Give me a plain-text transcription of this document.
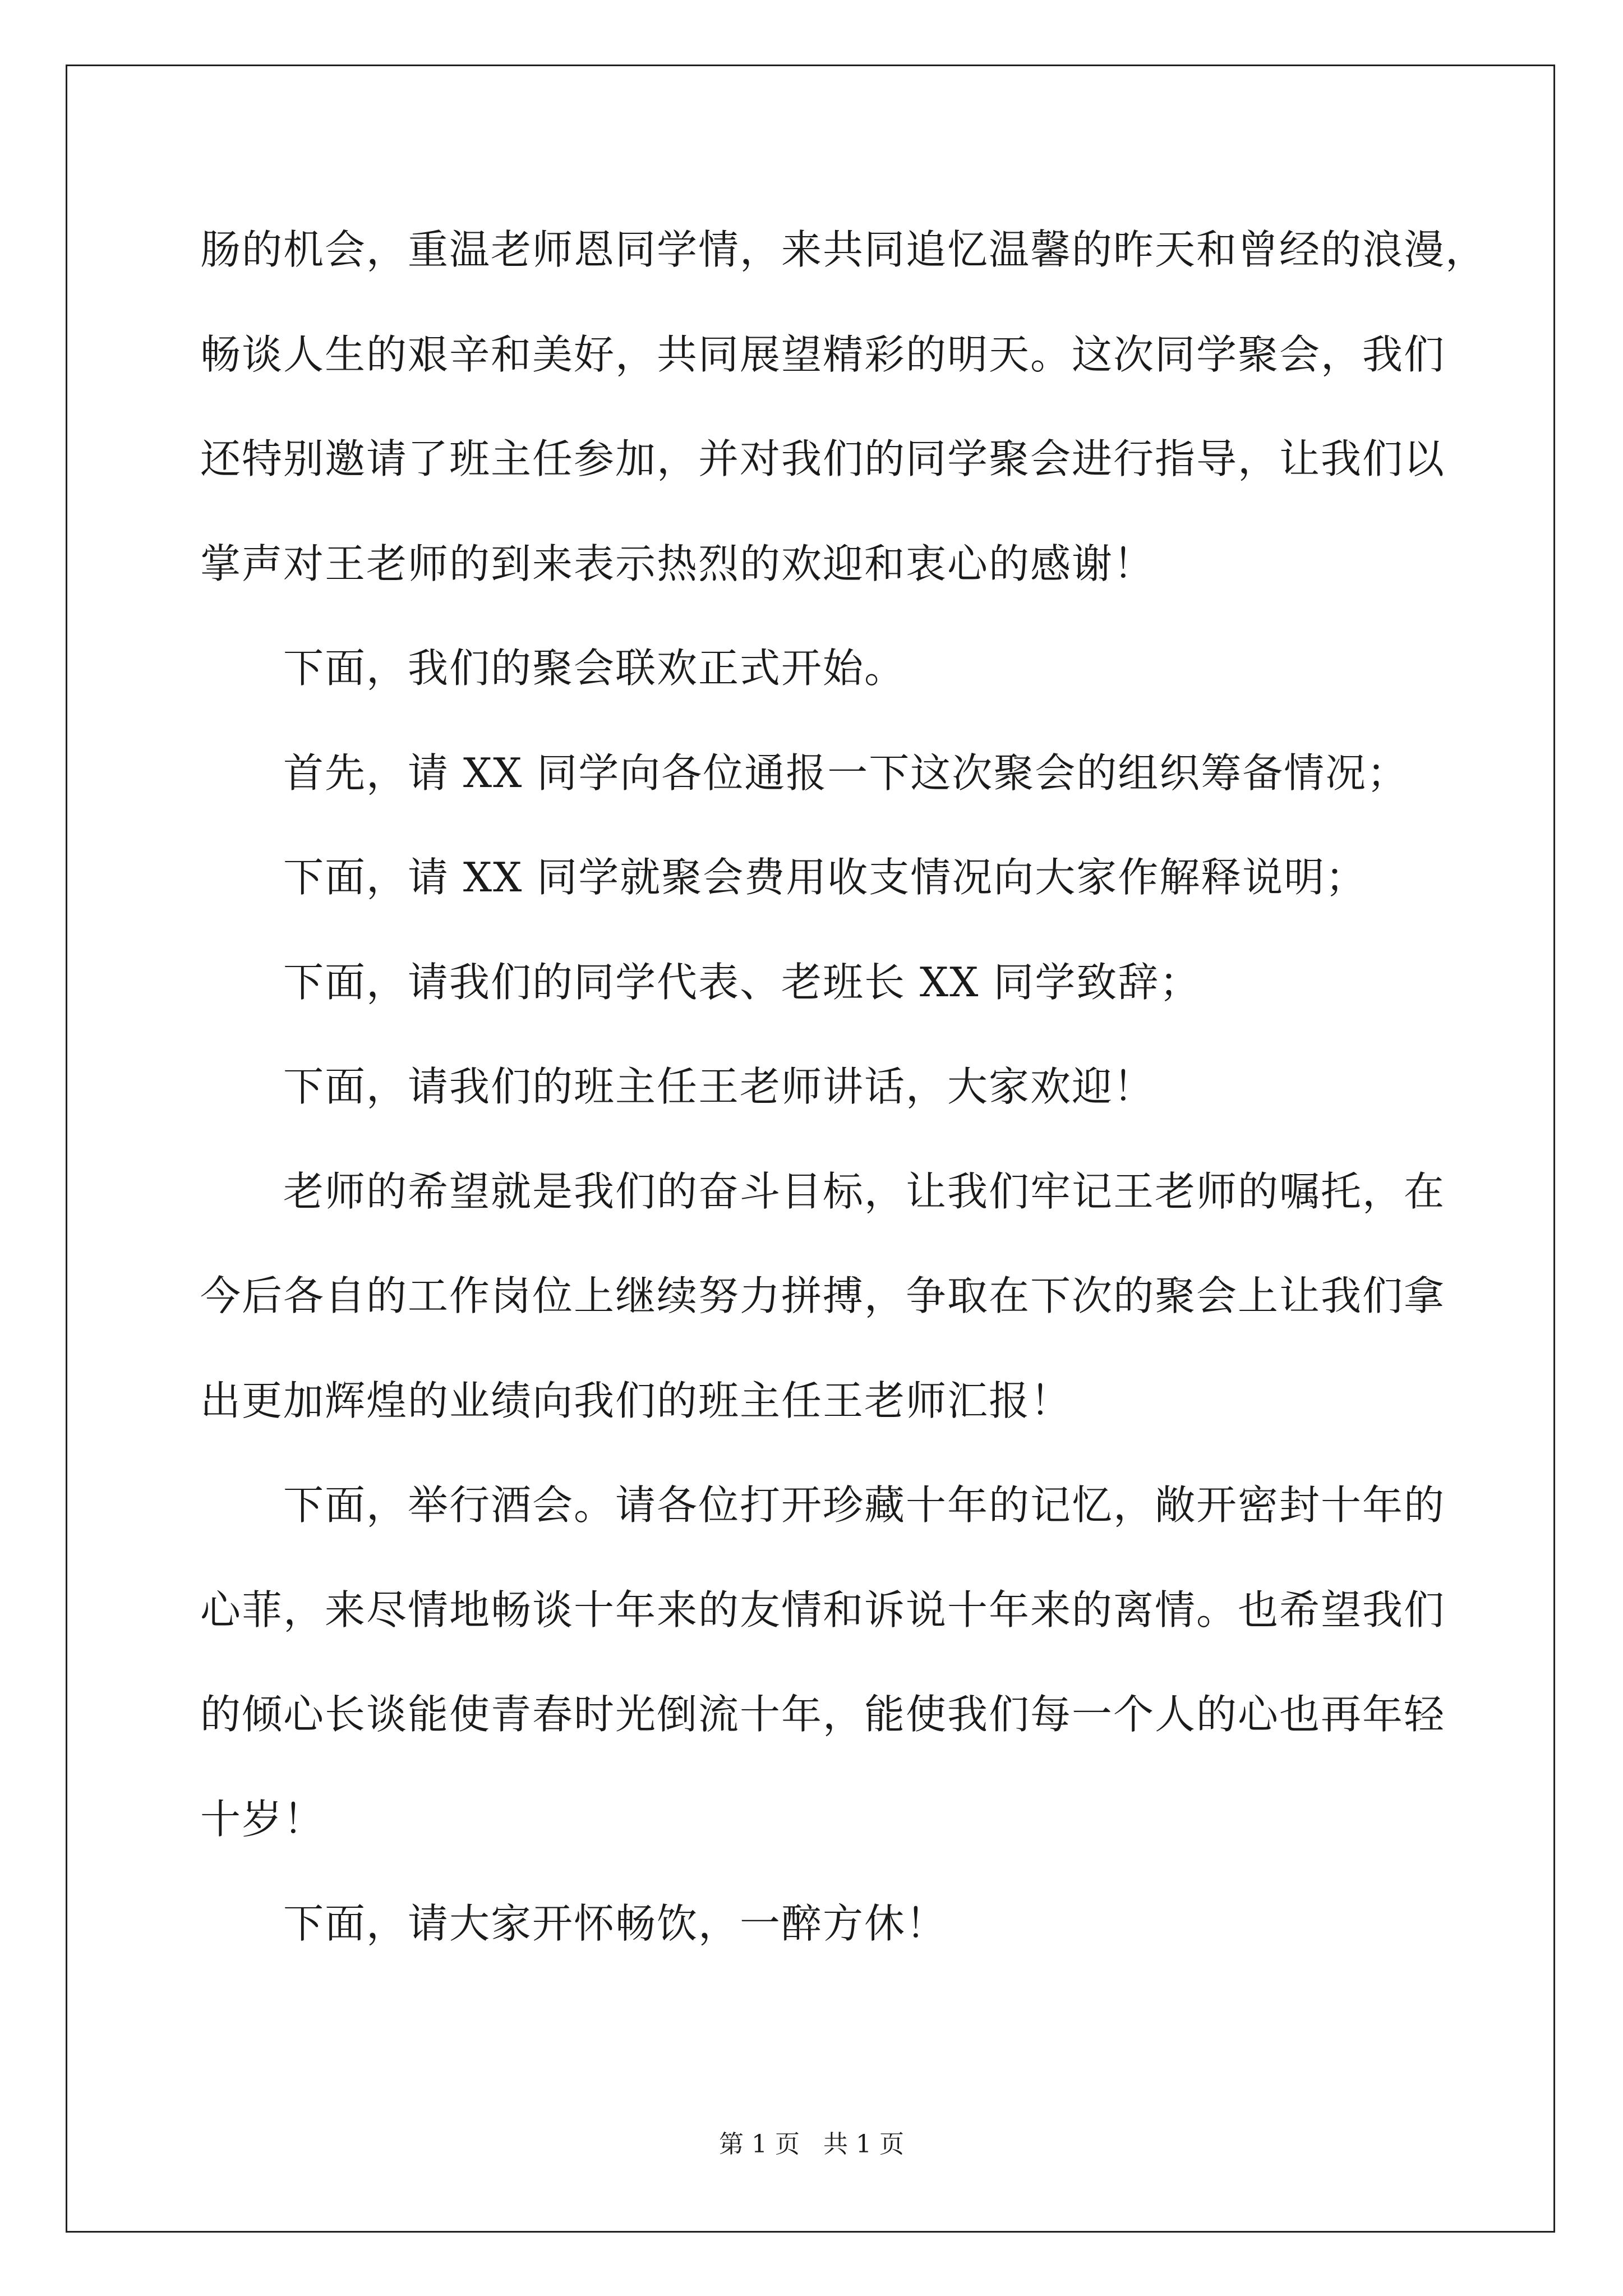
肠的机会，重温老师恩同学情，来共同追忆温馨的昨天和曾经的浪漫，
畅谈人生的艰辛和美好，共同展望精彩的明天。这次同学聚会，我们
还特别邀请了班主任参加，并对我们的同学聚会进行指导，让我们以
掌声对王老师的到来表示热烈的欢迎和衷心的感谢！
下面，我们的聚会联欢正式开始。
首先，请 XX 同学向各位通报一下这次聚会的组织筹备情况；
下面，请 XX 同学就聚会费用收支情况向大家作解释说明；
下面，请我们的同学代表、老班长 XX 同学致辞；
下面，请我们的班主任王老师讲话，大家欢迎！
老师的希望就是我们的奋斗目标，让我们牢记王老师的嘱托，在
今后各自的工作岗位上继续努力拼搏，争取在下次的聚会上让我们拿
出更加辉煌的业绩向我们的班主任王老师汇报！
下面，举行酒会。请各位打开珍藏十年的记忆，敞开密封十年的
心菲，来尽情地畅谈十年来的友情和诉说十年来的离情。也希望我们
的倾心长谈能使青春时光倒流十年，能使我们每一个人的心也再年轻
十岁！
下面，请大家开怀畅饮，一醉方休！
第 1 页   共 1 页
